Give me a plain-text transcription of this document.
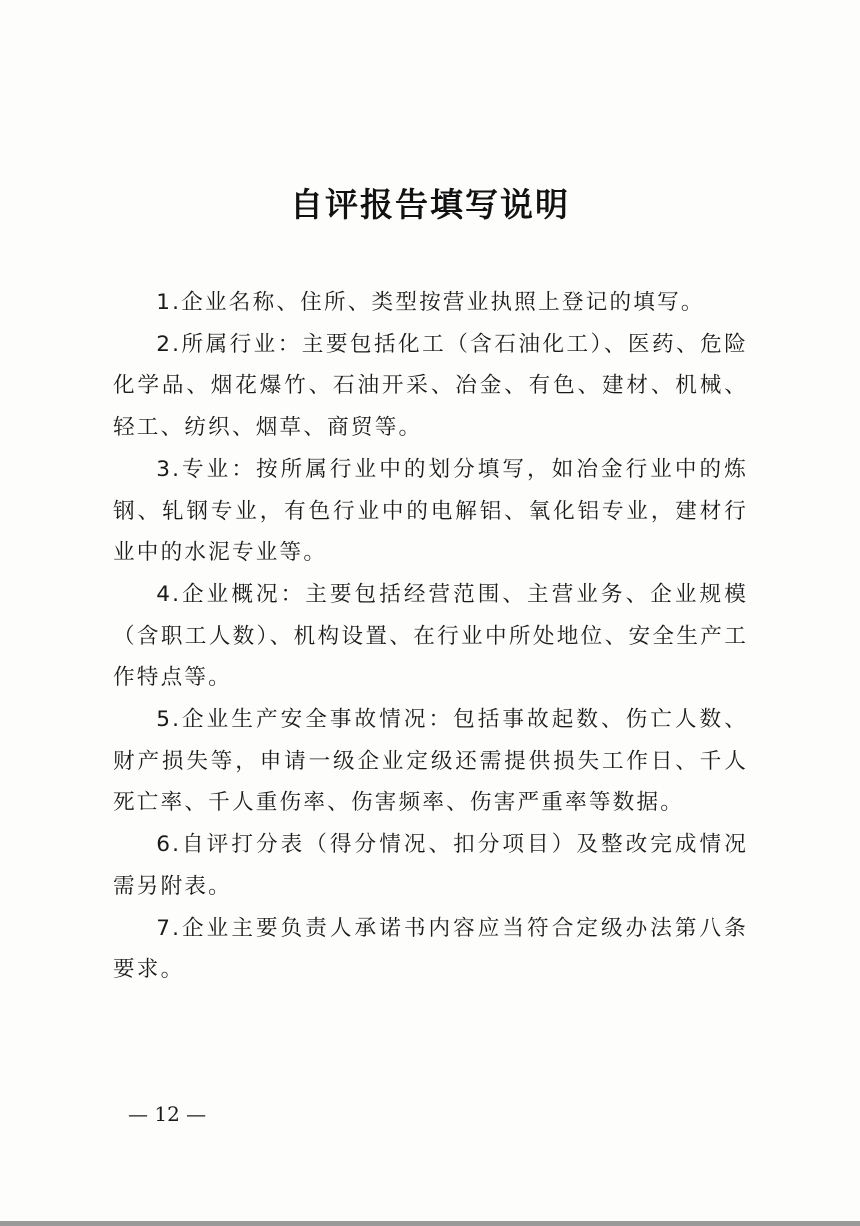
自评报告填写说明

1.企业名称、住所、类型按营业执照上登记的填写。

2.所属行业：主要包括化工（含石油化工）、医药、危险化学品、烟花爆竹、石油开采、冶金、有色、建材、机械、轻工、纺织、烟草、商贸等。

3.专业：按所属行业中的划分填写，如冶金行业中的炼钢、轧钢专业，有色行业中的电解铝、氧化铝专业，建材行业中的水泥专业等。

4.企业概况：主要包括经营范围、主营业务、企业规模（含职工人数）、机构设置、在行业中所处地位、安全生产工作特点等。

5.企业生产安全事故情况：包括事故起数、伤亡人数、财产损失等，申请一级企业定级还需提供损失工作日、千人死亡率、千人重伤率、伤害频率、伤害严重率等数据。

6.自评打分表（得分情况、扣分项目）及整改完成情况需另附表。

7.企业主要负责人承诺书内容应当符合定级办法第八条要求。

— 12 —
